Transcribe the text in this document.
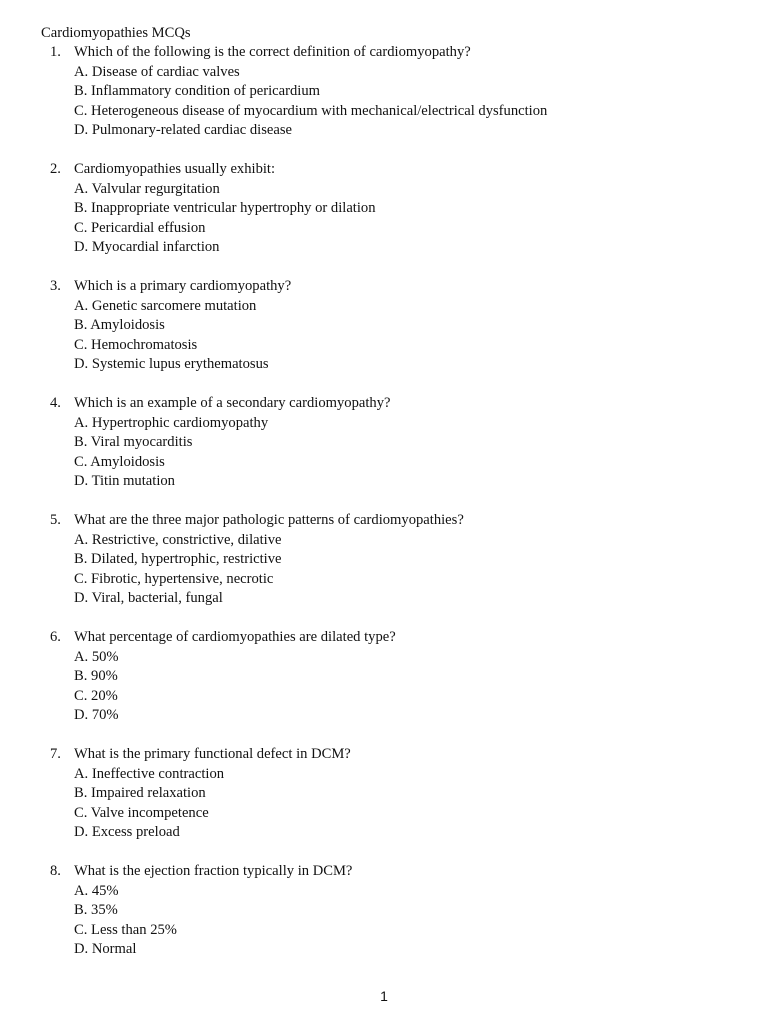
Cardiomyopathies MCQs
1. Which of the following is the correct definition of cardiomyopathy?
A. Disease of cardiac valves
B. Inflammatory condition of pericardium
C. Heterogeneous disease of myocardium with mechanical/electrical dysfunction
D. Pulmonary-related cardiac disease
2. Cardiomyopathies usually exhibit:
A. Valvular regurgitation
B. Inappropriate ventricular hypertrophy or dilation
C. Pericardial effusion
D. Myocardial infarction
3. Which is a primary cardiomyopathy?
A. Genetic sarcomere mutation
B. Amyloidosis
C. Hemochromatosis
D. Systemic lupus erythematosus
4. Which is an example of a secondary cardiomyopathy?
A. Hypertrophic cardiomyopathy
B. Viral myocarditis
C. Amyloidosis
D. Titin mutation
5. What are the three major pathologic patterns of cardiomyopathies?
A. Restrictive, constrictive, dilative
B. Dilated, hypertrophic, restrictive
C. Fibrotic, hypertensive, necrotic
D. Viral, bacterial, fungal
6. What percentage of cardiomyopathies are dilated type?
A. 50%
B. 90%
C. 20%
D. 70%
7. What is the primary functional defect in DCM?
A. Ineffective contraction
B. Impaired relaxation
C. Valve incompetence
D. Excess preload
8. What is the ejection fraction typically in DCM?
A. 45%
B. 35%
C. Less than 25%
D. Normal
1
